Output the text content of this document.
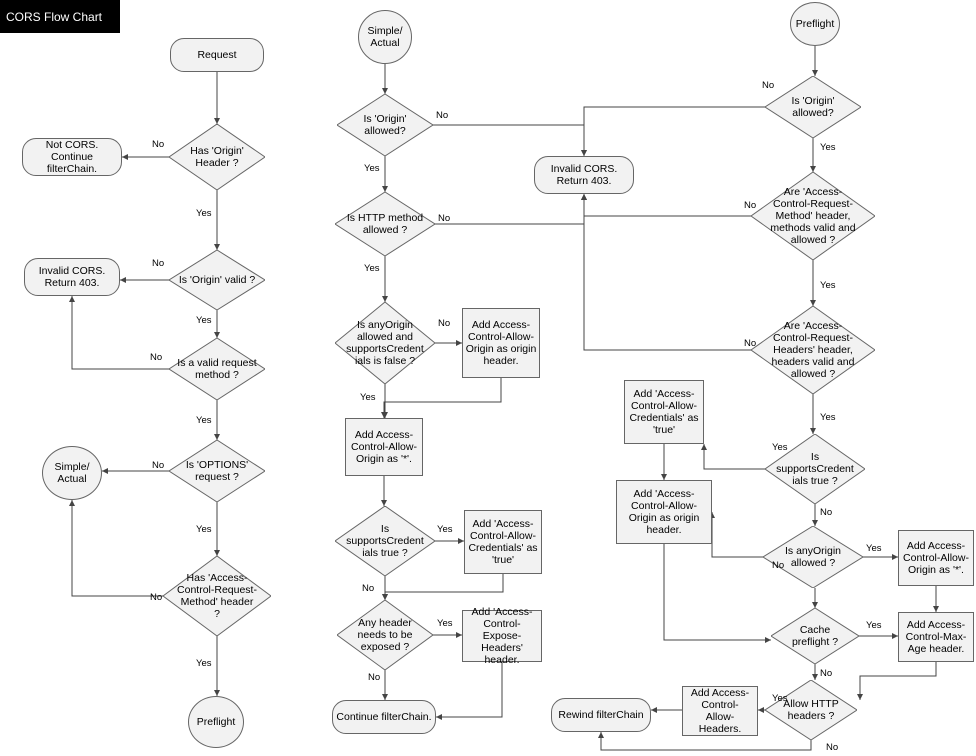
CORS Flow Chart
Request
Has 'Origin'
Header ?
Not CORS. Continue
filterChain.
Is 'Origin' valid ?
Invalid CORS.
Return 403.
Is a valid request
method ?
Is 'OPTIONS'
request ?
Simple/
Actual
Has 'Access-
Control-Request-
Method' header
?
Preflight
Simple/
Actual
Is 'Origin'
allowed?
Invalid CORS.
Return 403.
Is HTTP method
allowed ?
Is anyOrigin
allowed and
supportsCredent
ials is false ?
Add Access-
Control-Allow-
Origin as origin
header.
Add Access-
Control-Allow-
Origin as '*'.
Is
supportsCredent
ials true ?
Add 'Access-
Control-Allow-
Credentials' as
'true'
Any header
needs to be
exposed ?
Add 'Access-
Control-Expose-
Headers' header.
Continue filterChain.
Preflight
Is 'Origin'
allowed?
Are 'Access-
Control-Request-
Method' header,
methods valid and
allowed ?
Are 'Access-
Control-Request-
Headers' header,
headers valid and
allowed ?
Is
supportsCredent
ials true ?
Add 'Access-
Control-Allow-
Credentials' as
'true'
Add 'Access-
Control-Allow-
Origin as origin
header.
Is anyOrigin
allowed ?
Add Access-
Control-Allow-
Origin as '*'.
Cache
preflight ?
Add Access-
Control-Max-
Age header.
Allow HTTP
headers ?
Add Access-
Control-
Allow-
Headers.
Rewind filterChain
No
Yes
No
Yes
No
Yes
No
Yes
No
Yes
No
Yes
No
Yes
No
Yes
Yes
No
Yes
No
No
Yes
No
Yes
No
Yes
Yes
No
No
Yes
Yes
No
Yes
No
